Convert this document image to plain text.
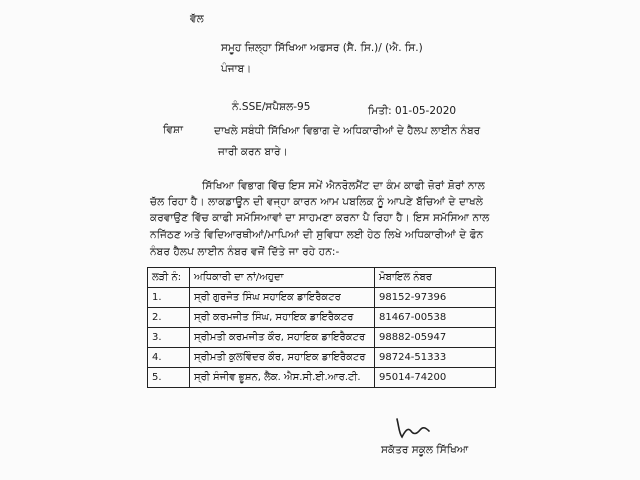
ਵੱਲ
ਸਮੂਹ ਜ਼ਿਲ੍ਹਾ ਸਿੱਖਿਆ ਅਫਸਰ (ਸੈ. ਸਿ.)/ (ਐ. ਸਿ.)
ਪੰਜਾਬ।
ਨੰ.SSE/ਸਪੈਸ਼ਲ-95	ਮਿਤੀ: 01-05-2020
ਵਿਸ਼ਾ	ਦਾਖਲੇ ਸਬੰਧੀ ਸਿੱਖਿਆ ਵਿਭਾਗ ਦੇ ਅਧਿਕਾਰੀਆਂ ਦੇ ਹੈਲਪ ਲਾਈਨ ਨੰਬਰ
ਜਾਰੀ ਕਰਨ ਬਾਰੇ।
ਸਿੱਖਿਆ ਵਿਭਾਗ ਵਿੱਚ ਇਸ ਸਮੇਂ ਐਨਰੋਲਮੈਂਟ ਦਾ ਕੰਮ ਕਾਫੀ ਜ਼ੋਰਾਂ ਸ਼ੋਰਾਂ ਨਾਲ
ਚੱਲ ਰਿਹਾ ਹੈ। ਲਾਕਡਾਊਨ ਦੀ ਵਜ੍ਹਾ ਕਾਰਨ ਆਮ ਪਬਲਿਕ ਨੂੰ ਆਪਣੇ ਬੱਚਿਆਂ ਦੇ ਦਾਖਲੇ
ਕਰਵਾਉਣ ਵਿੱਚ ਕਾਫੀ ਸਮੱਸਿਆਵਾਂ ਦਾ ਸਾਹਮਣਾ ਕਰਨਾ ਪੈ ਰਿਹਾ ਹੈ। ਇਸ ਸਮੱਸਿਆ ਨਾਲ
ਨਜਿੱਠਣ ਅਤੇ ਵਿਦਿਆਰਥੀਆਂ/ਮਾਪਿਆਂ ਦੀ ਸੁਵਿਧਾ ਲਈ ਹੇਠ ਲਿਖੇ ਅਧਿਕਾਰੀਆਂ ਦੇ ਫੋਨ
ਨੰਬਰ ਹੈਲਪ ਲਾਈਨ ਨੰਬਰ ਵਜੋਂ ਦਿੱਤੇ ਜਾ ਰਹੇ ਹਨ:-
ਲੜੀ ਨੰ:	ਅਧਿਕਾਰੀ ਦਾ ਨਾਂ/ਅਹੁਦਾ	ਮੋਬਾਇਲ ਨੰਬਰ
1.	ਸ੍ਰੀ ਗੁਰਜੋਤ ਸਿੰਘ ਸਹਾਇਕ ਡਾਇਰੈਕਟਰ	98152-97396
2.	ਸ੍ਰੀ ਕਰਮਜੀਤ ਸਿੰਘ, ਸਹਾਇਕ ਡਾਇਰੈਕਟਰ	81467-00538
3.	ਸ੍ਰੀਮਤੀ ਕਰਮਜੀਤ ਕੌਰ, ਸਹਾਇਕ ਡਾਇਰੈਕਟਰ	98882-05947
4.	ਸ੍ਰੀਮਤੀ ਕੁਲਵਿੰਦਰ ਕੌਰ, ਸਹਾਇਕ ਡਾਇਰੈਕਟਰ	98724-51333
5.	ਸ੍ਰੀ ਸੰਜੀਵ ਭੂਸ਼ਨ, ਲੈਕ. ਐਸ.ਸੀ.ਈ.ਆਰ.ਟੀ.	95014-74200
ਸਕੱਤਰ ਸਕੂਲ ਸਿੱਖਿਆ
